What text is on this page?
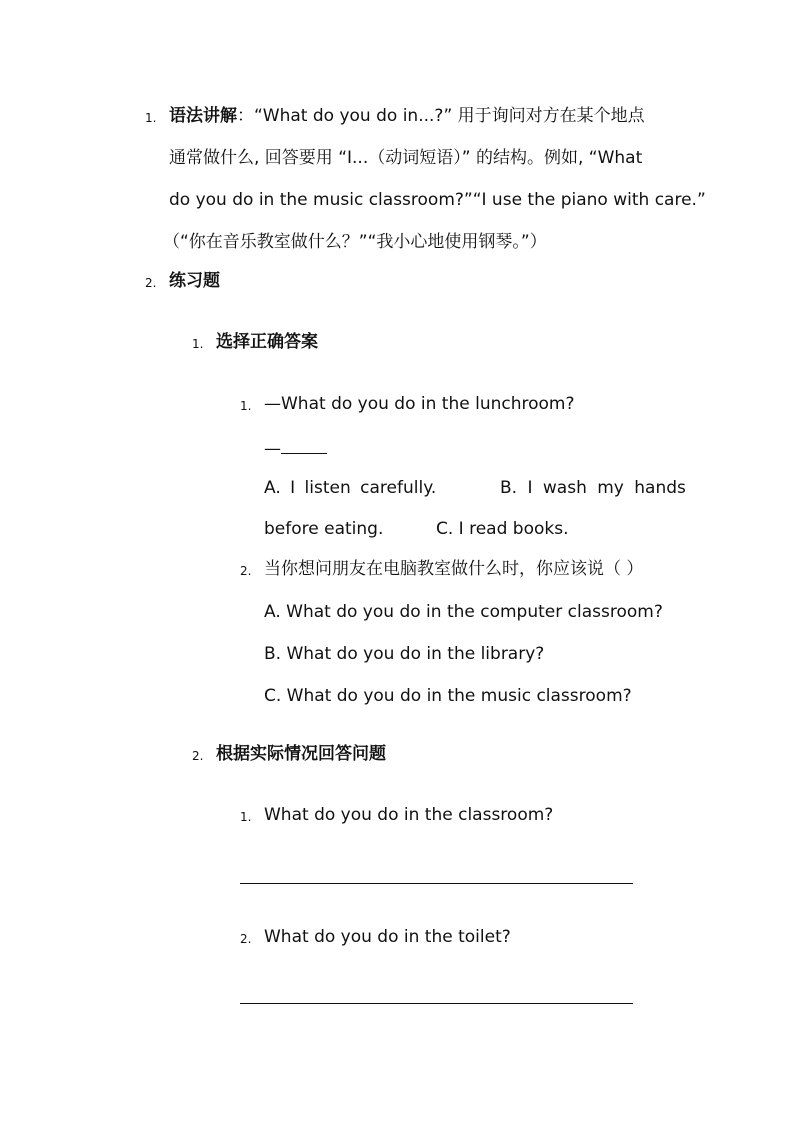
1. 语法讲解：“What do you do in...?” 用于询问对方在某个地点
通常做什么, 回答要用 “I...（动词短语）” 的结构。例如, “What
do you do in the music classroom?”“I use the piano with care.”
（“你在音乐教室做什么？”“我小心地使用钢琴。”）
2. 练习题
1. 选择正确答案
1. —What do you do in the lunchroom?
—
A. I listen carefully.	B. I wash my hands
before eating.	C. I read books.
2. 当你想问朋友在电脑教室做什么时，你应该说（ ）
A. What do you do in the computer classroom?
B. What do you do in the library?
C. What do you do in the music classroom?
2. 根据实际情况回答问题
1. What do you do in the classroom?
2. What do you do in the toilet?
